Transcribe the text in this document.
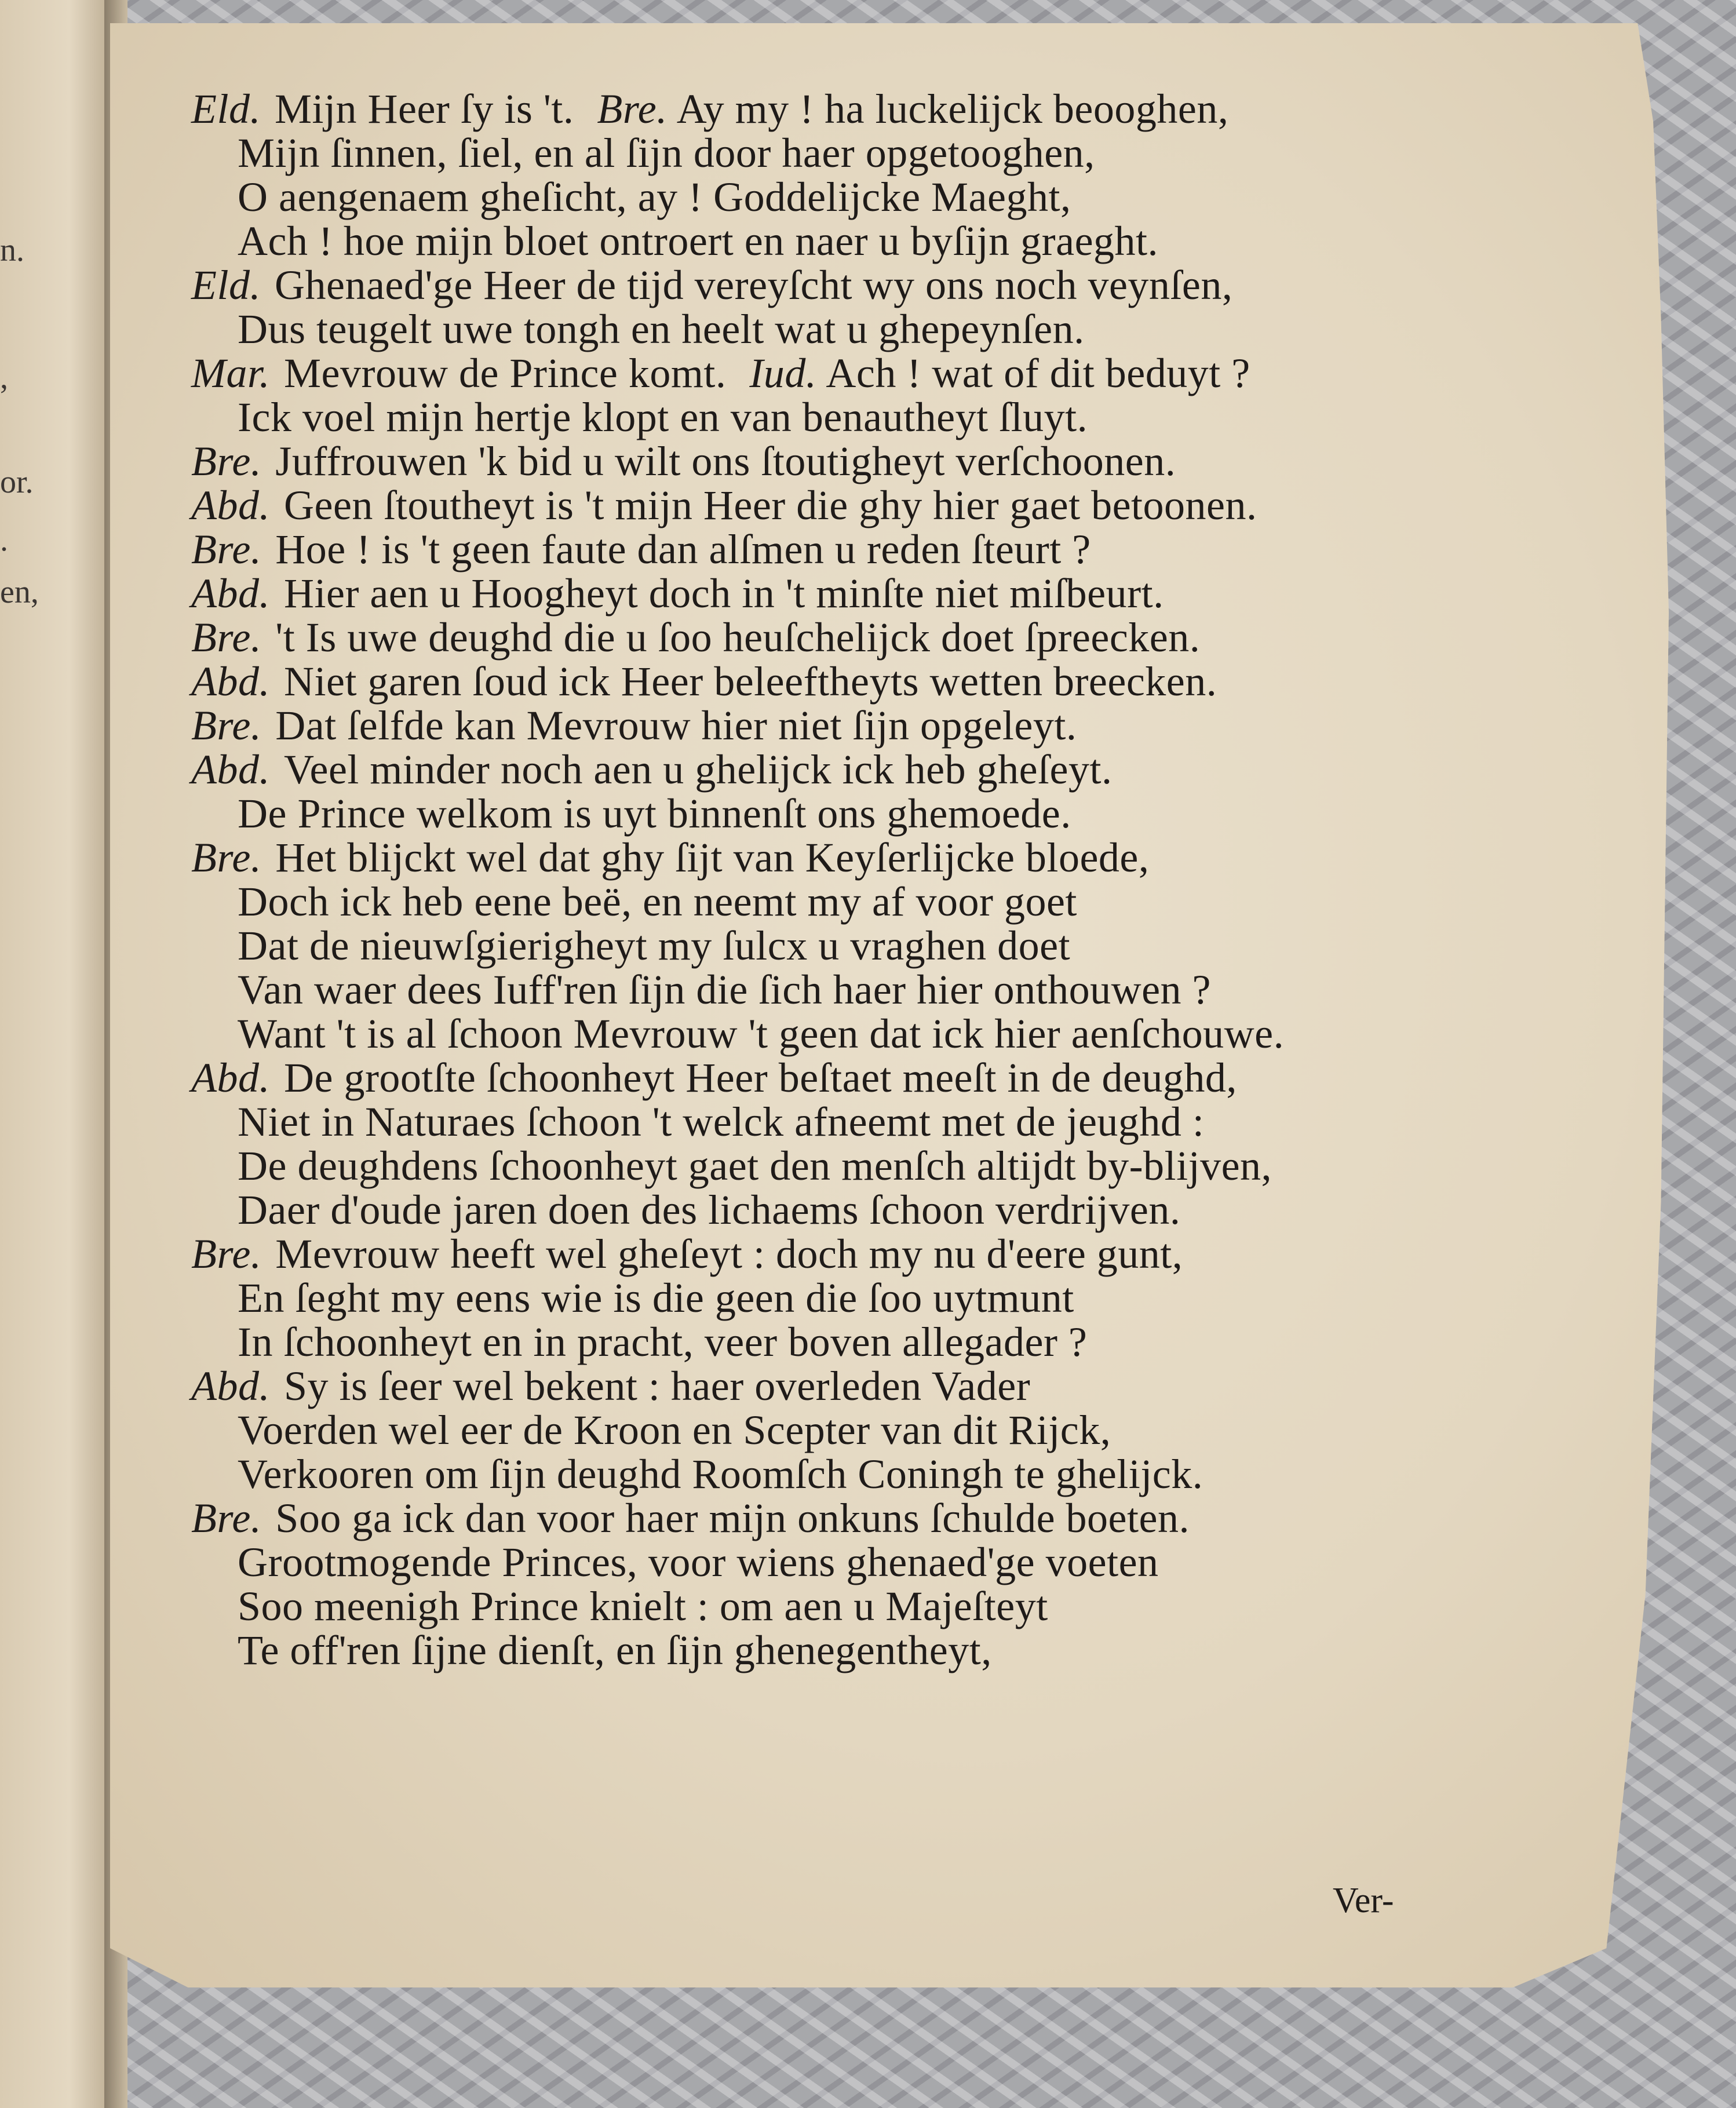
n.
,
or.
.
en,
Eld. Mijn Heer ſy is 't. Bre. Ay my ! ha luckelijck beooghen,
Mijn ſinnen, ſiel, en al ſijn door haer opgetooghen,
O aengenaem gheſicht, ay ! Goddelijcke Maeght,
Ach ! hoe mijn bloet ontroert en naer u byſijn graeght.
Eld. Ghenaed'ge Heer de tijd vereyſcht wy ons noch veynſen,
Dus teugelt uwe tongh en heelt wat u ghepeynſen.
Mar. Mevrouw de Prince komt. Iud. Ach ! wat of dit beduyt ?
Ick voel mijn hertje klopt en van benautheyt ſluyt.
Bre. Juffrouwen 'k bid u wilt ons ſtoutigheyt verſchoonen.
Abd. Geen ſtoutheyt is 't mijn Heer die ghy hier gaet betoonen.
Bre. Hoe ! is 't geen faute dan alſmen u reden ſteurt ?
Abd. Hier aen u Hoogheyt doch in 't minſte niet miſbeurt.
Bre. 't Is uwe deughd die u ſoo heuſchelijck doet ſpreecken.
Abd. Niet garen ſoud ick Heer beleeftheyts wetten breecken.
Bre. Dat ſelfde kan Mevrouw hier niet ſijn opgeleyt.
Abd. Veel minder noch aen u ghelijck ick heb gheſeyt.
De Prince welkom is uyt binnenſt ons ghemoede.
Bre. Het blijckt wel dat ghy ſijt van Keyſerlijcke bloede,
Doch ick heb eene beë, en neemt my af voor goet
Dat de nieuwſgierigheyt my ſulcx u vraghen doet
Van waer dees Iuff'ren ſijn die ſich haer hier onthouwen ?
Want 't is al ſchoon Mevrouw 't geen dat ick hier aenſchouwe.
Abd. De grootſte ſchoonheyt Heer beſtaet meeſt in de deughd,
Niet in Naturaes ſchoon 't welck afneemt met de jeughd :
De deughdens ſchoonheyt gaet den menſch altijdt by-blijven,
Daer d'oude jaren doen des lichaems ſchoon verdrijven.
Bre. Mevrouw heeft wel gheſeyt : doch my nu d'eere gunt,
En ſeght my eens wie is die geen die ſoo uytmunt
In ſchoonheyt en in pracht, veer boven allegader ?
Abd. Sy is ſeer wel bekent : haer overleden Vader
Voerden wel eer de Kroon en Scepter van dit Rijck,
Verkooren om ſijn deughd Roomſch Coningh te ghelijck.
Bre. Soo ga ick dan voor haer mijn onkuns ſchulde boeten.
Grootmogende Princes, voor wiens ghenaed'ge voeten
Soo meenigh Prince knielt : om aen u Majeſteyt
Te off'ren ſijne dienſt, en ſijn ghenegentheyt,
Ver-
